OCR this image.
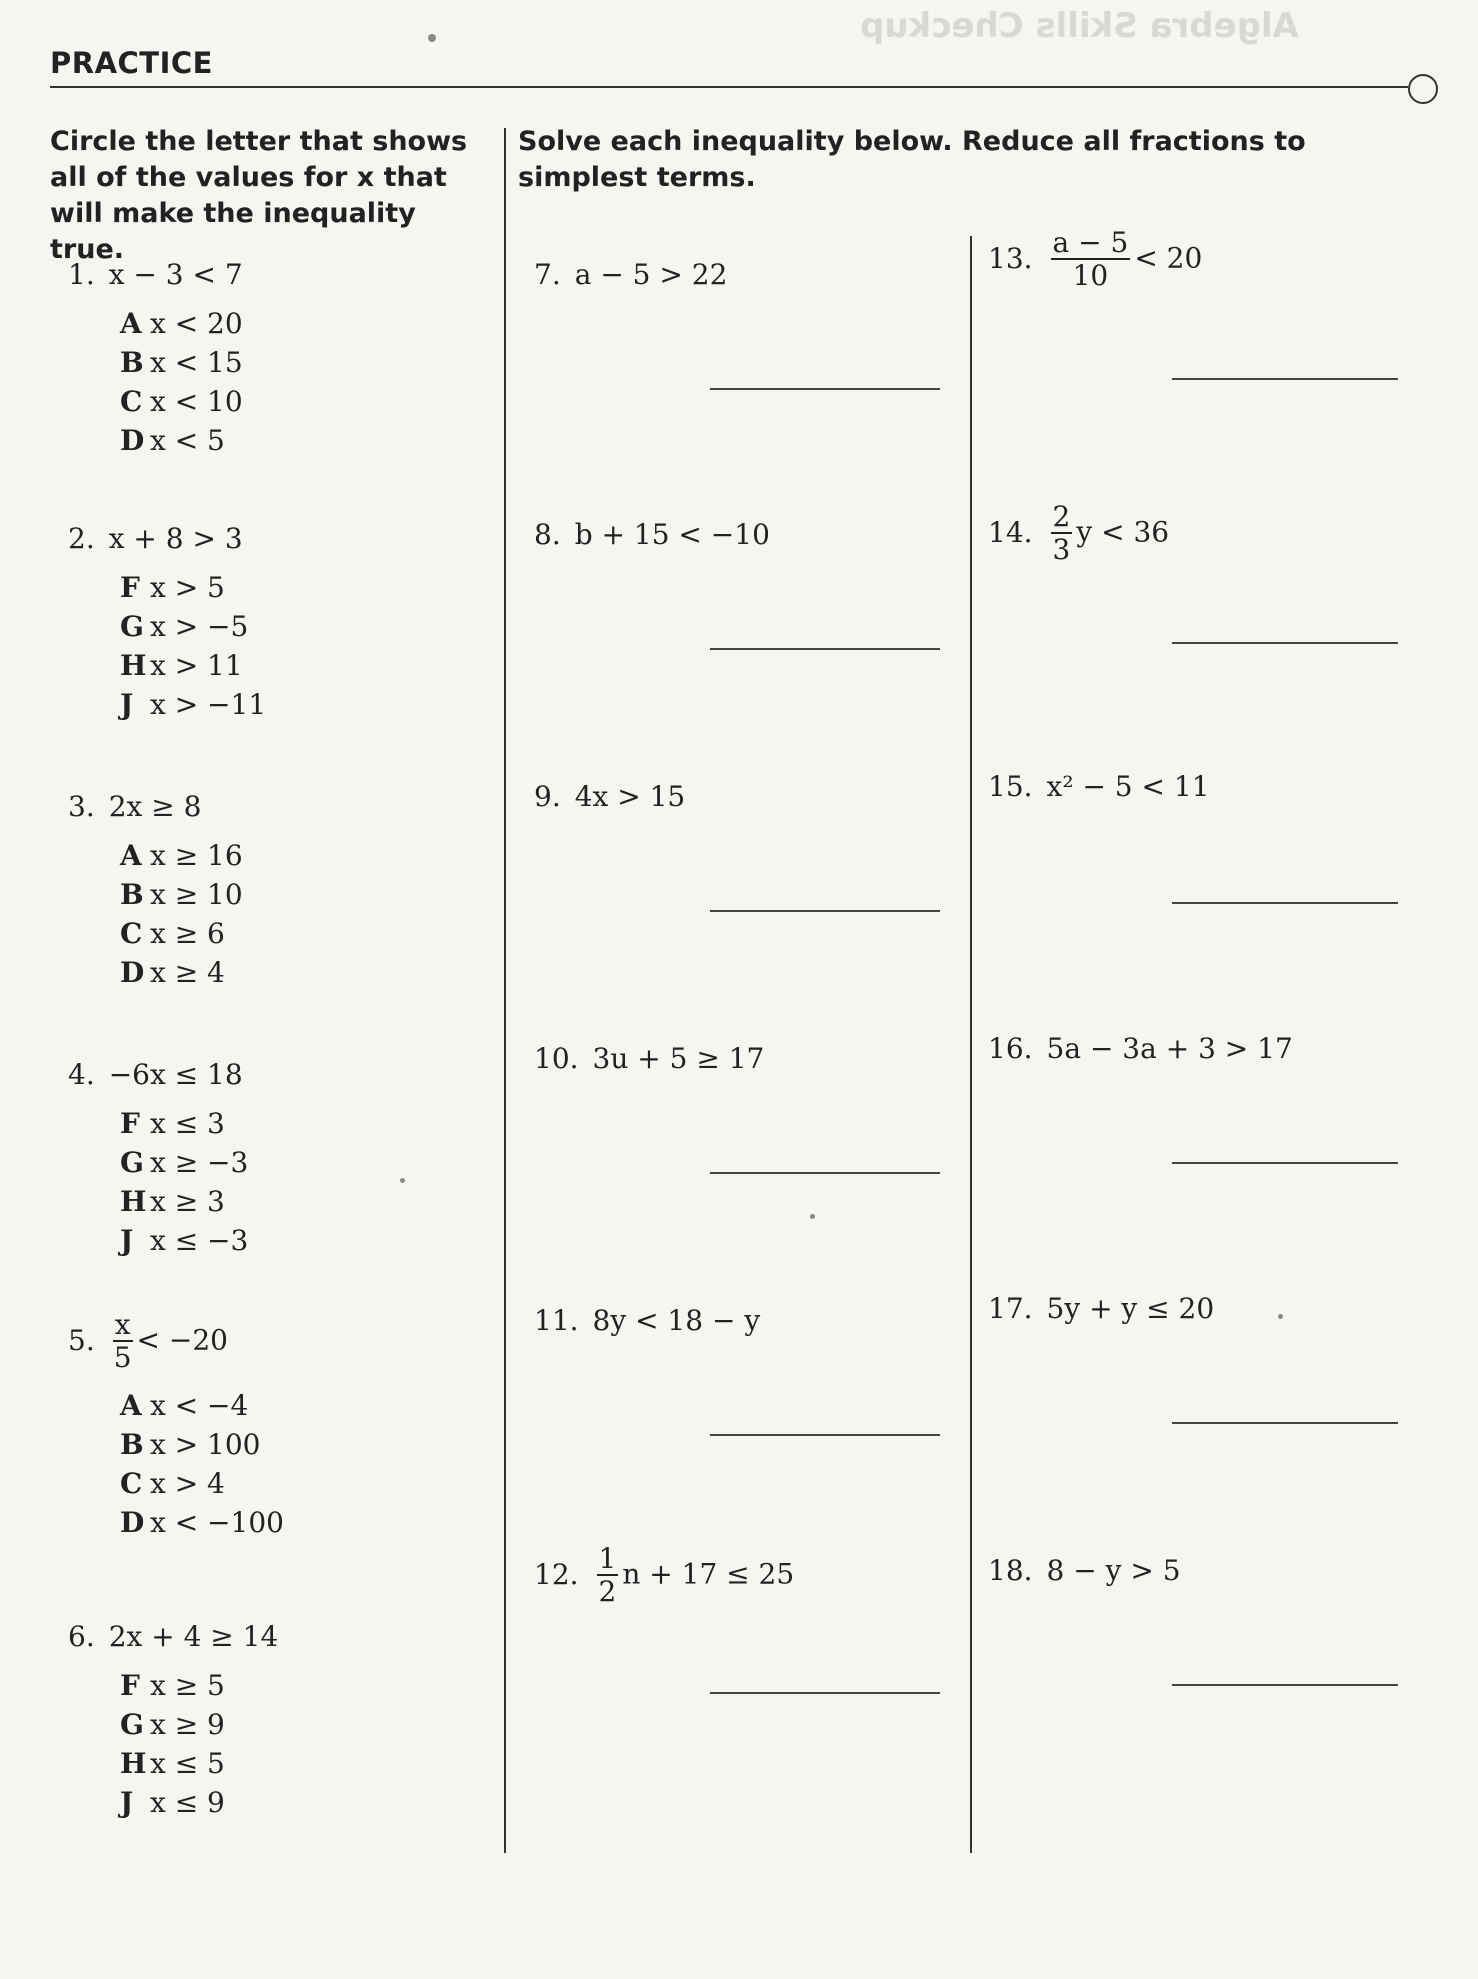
Algebra Skills Checkup
PRACTICE
Circle the letter that shows all of the values for x that will make the inequality true.
Solve each inequality below. Reduce all fractions to simplest terms.
1. x − 3 < 7
A x < 20
B x < 15
C x < 10
D x < 5
2. x + 8 > 3
F x > 5
G x > −5
H x > 11
J x > −11
3. 2x ≥ 8
A x ≥ 16
B x ≥ 10
C x ≥ 6
D x ≥ 4
4. −6x ≤ 18
F x ≤ 3
G x ≥ −3
H x ≥ 3
J x ≤ −3
5. $\frac{x}{5} < -20$
A x < −4
B x > 100
C x > 4
D x < −100
6. 2x + 4 ≥ 14
F x ≥ 5
G x ≥ 9
H x ≤ 5
J x ≤ 9
7. a − 5 > 22
8. b + 15 < −10
9. 4x > 15
10. 3u + 5 ≥ 17
11. 8y < 18 − y
12. $\frac{1}{2}$ n + 17 ≤ 25
13. $\frac{a - 5}{10} < 20$
14. $\frac{2}{3}$ y < 36
15. x² − 5 < 11
16. 5a − 3a + 3 > 17
17. 5y + y ≤ 20
18. 8 − y > 5
